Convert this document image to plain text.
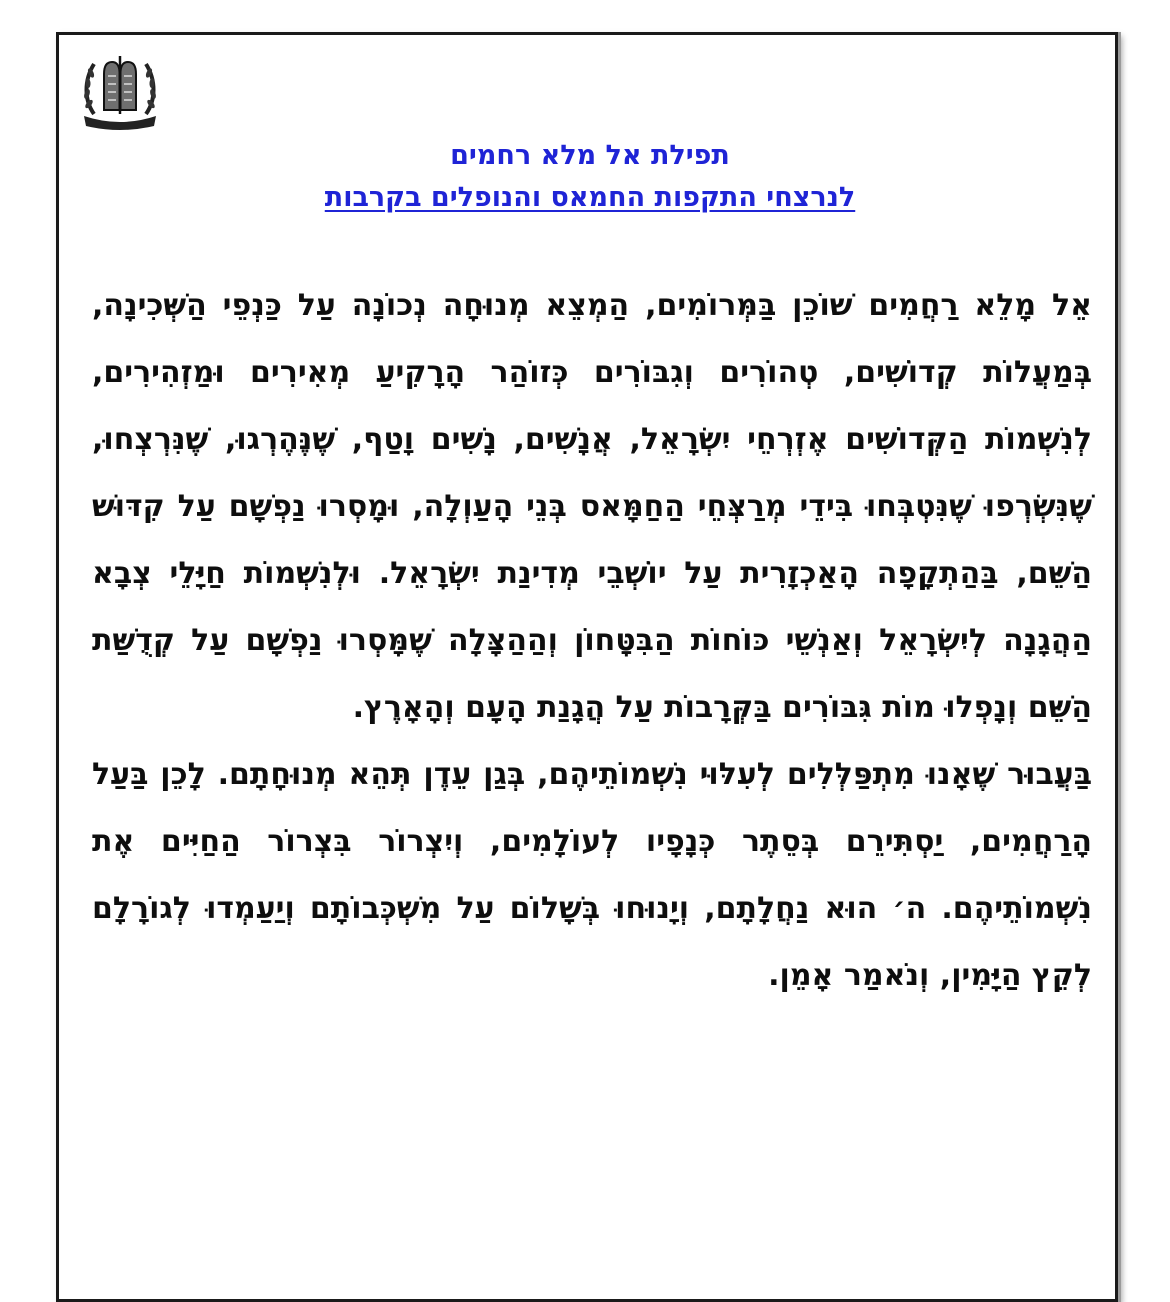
תפילת אל מלא רחמים
לנרצחי התקפות החמאס והנופלים בקרבות

אֵל מָלֵא רַחֲמִים שׁוֹכֵן בַּמְּרוֹמִים, הַמְצֵא מְנוּחָה נְכוֹנָה עַל כַּנְפֵי הַשְּׁכִינָה, בְּמַעֲלוֹת קְדוֹשִׁים, טְהוֹרִים וְגִבּוֹרִים כְּזוֹהַר הָרָקִיעַ מְאִירִים וּמַזְהִירִים, לְנִשְׁמוֹת הַקְּדוֹשִׁים אֶזְרְחֵי יִשְׂרָאֵל, אֲנָשִׁים, נָשִׁים וָטַף, שֶׁנֶּהֶרְגוּ, שֶׁנִּרְצְחוּ, שֶׁנִּשְׂרְפוּ שֶׁנִּטְבְּחוּ בִּידֵי מְרַצְּחֵי הַחַמָּאס בְּנֵי הָעַוְלָה, וּמָסְרוּ נַפְשָׁם עַל קִדּוּשׁ הַשֵּׁם, בַּהַתְקָפָה הָאַכְזָרִית עַל יוֹשְׁבֵי מְדִינַת יִשְׂרָאֵל. וּלְנִשְׁמוֹת חַיָּלֵי צְבָא הַהֲגָנָה לְיִשְׂרָאֵל וְאַנְשֵׁי כּוֹחוֹת הַבִּטָּחוֹן וְהַהַצָּלָה שֶׁמָּסְרוּ נַפְשָׁם עַל קְדֻשַּׁת הַשֵּׁם וְנָפְלוּ מוֹת גִּבּוֹרִים בַּקְּרָבוֹת עַל הֲגָנַת הָעָם וְהָאָרֶץ.

בַּעֲבוּר שֶׁאָנוּ מִתְפַּלְּלִים לְעִלּוּי נִשְׁמוֹתֵיהֶם, בְּגַן עֵדֶן תְּהֵא מְנוּחָתָם. לָכֵן בַּעַל הָרַחֲמִים, יַסְתִּירֵם בְּסֵתֶר כְּנָפָיו לְעוֹלָמִים, וְיִצְרוֹר בִּצְרוֹר הַחַיִּים אֶת נִשְׁמוֹתֵיהֶם. ה׳ הוּא נַחֲלָתָם, וְיָנוּחוּ בְּשָׁלוֹם עַל מִשְׁכְּבוֹתָם וְיַעַמְדוּ לְגוֹרָלָם לְקֵץ הַיָּמִין, וְנֹאמַר אָמֵן.
